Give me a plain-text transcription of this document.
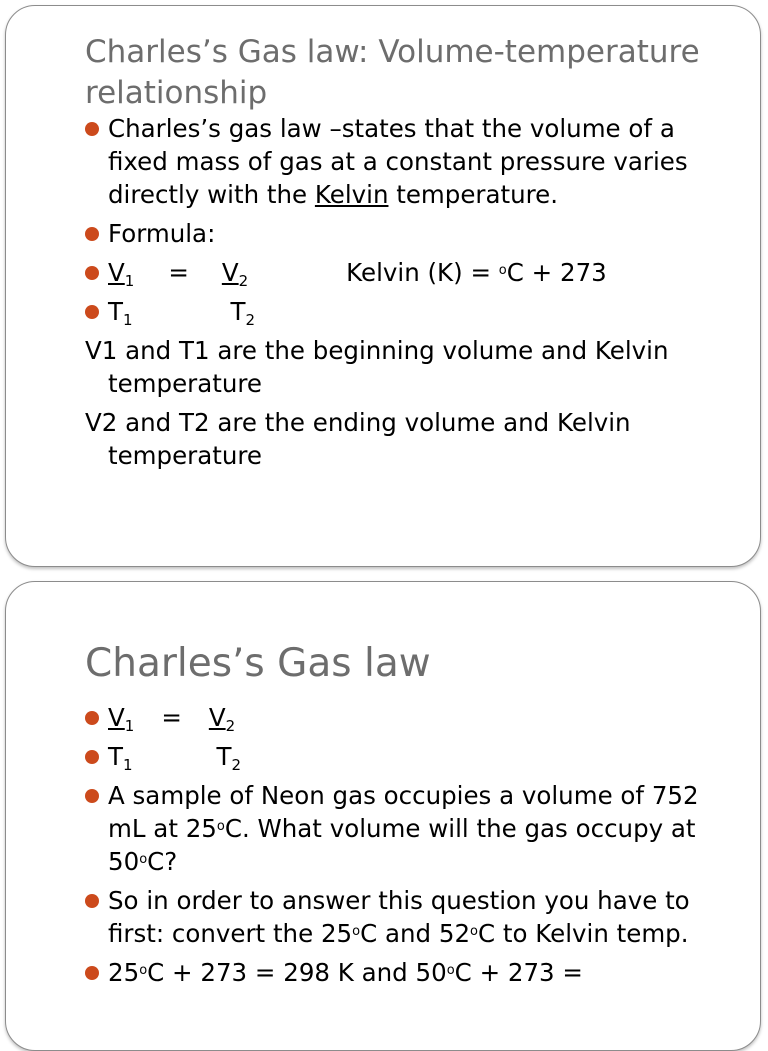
Charles’s Gas law: Volume-temperature relationship
Charles’s gas law –states that the volume of a fixed mass of gas at a constant pressure varies directly with the Kelvin temperature.
Formula:
$V_1 = V_2$	Kelvin (K) = $^o$C + 273
$T_1$	$T_2$
V1 and T1 are the beginning volume and Kelvin temperature
V2 and T2 are the ending volume and Kelvin temperature
Charles’s Gas law
$V_1 = V_2$
$T_1$	$T_2$
A sample of Neon gas occupies a volume of 752 mL at 25$^o$C. What volume will the gas occupy at 50$^o$C?
So in order to answer this question you have to first: convert the 25$^o$C and 52$^o$C to Kelvin temp.
$25^oC + 273 = 298$ K and $50^oC + 273$ =
